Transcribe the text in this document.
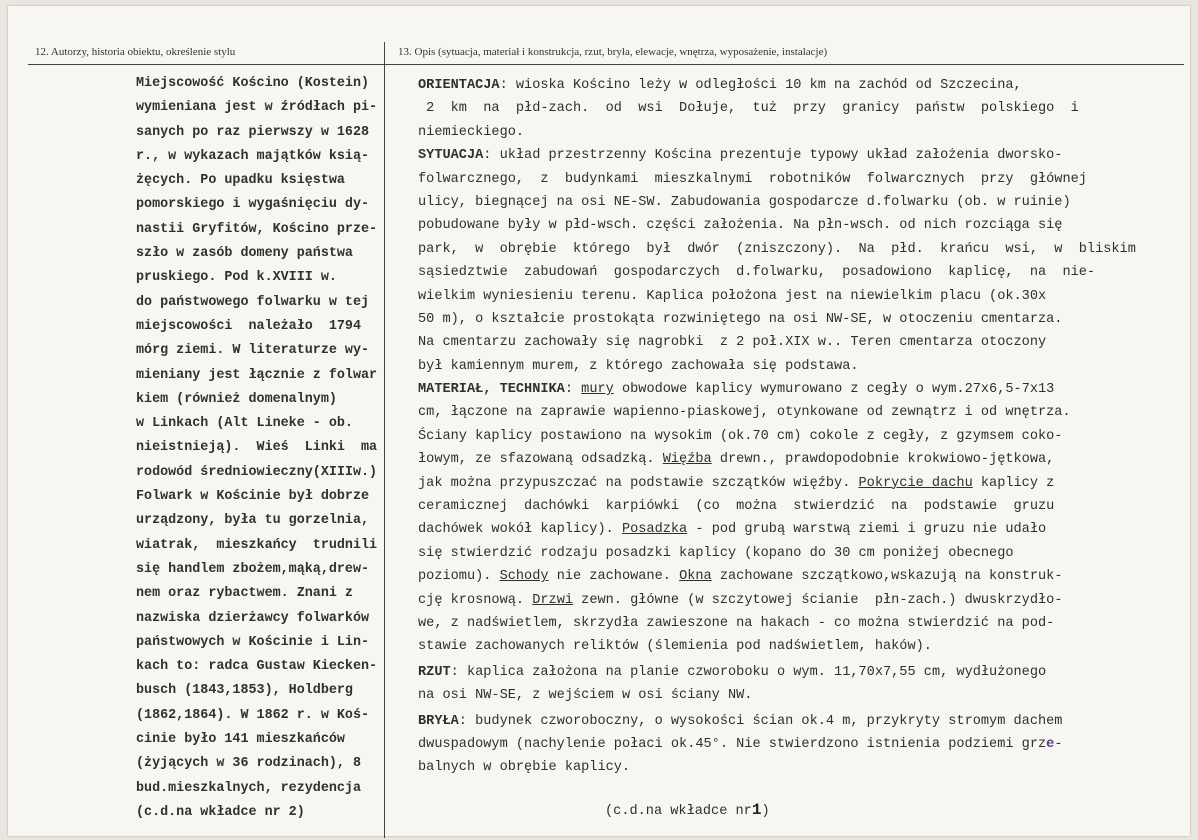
12. Autorzy, historia obiektu, określenie stylu	13. Opis (sytuacja, materiał i konstrukcja, rzut, bryła, elewacje, wnętrza, wyposażenie, instalacje)
Miejscowość Kościno (Kostein)
wymieniana jest w źródłach pi-
sanych po raz pierwszy w 1628
r., w wykazach majątków ksią-
żęcych. Po upadku księstwa
pomorskiego i wygaśnięciu dy-
nastii Gryfitów, Kościno prze-
szło w zasób domeny państwa
pruskiego. Pod k.XVIII w.
do państwowego folwarku w tej
miejscowości  należało  1794
mórg ziemi. W literaturze wy-
mieniany jest łącznie z folwar
kiem (również domenalnym)
w Linkach (Alt Lineke - ob.
nieistnieją).  Wieś  Linki  ma
rodowód średniowieczny(XIIIw.)
Folwark w Kościnie był dobrze
urządzony, była tu gorzelnia,
wiatrak,  mieszkańcy  trudnili
się handlem zbożem,mąką,drew-
nem oraz rybactwem. Znani z
nazwiska dzierżawcy folwarków
państwowych w Kościnie i Lin-
kach to: radca Gustaw Kiecken-
busch (1843,1853), Holdberg
(1862,1864). W 1862 r. w Koś-
cinie było 141 mieszkańców
(żyjących w 36 rodzinach), 8
bud.mieszkalnych, rezydencja
(c.d.na wkładce nr 2)
ORIENTACJA: wioska Kościno leży w odległości 10 km na zachód od Szczecina,
2  km  na  płd-zach.  od  wsi  Dołuje,  tuż  przy  granicy  państw  polskiego  i
niemieckiego.
SYTUACJA: układ przestrzenny Kościna prezentuje typowy układ założenia dworsko-
folwarcznego,  z  budynkami  mieszkalnymi  robotników  folwarcznych  przy  głównej
ulicy, biegnącej na osi NE-SW. Zabudowania gospodarcze d.folwarku (ob. w ruinie)
pobudowane były w płd-wsch. części założenia. Na płn-wsch. od nich rozciąga się
park,  w  obrębie  którego  był  dwór  (zniszczony).  Na  płd.  krańcu  wsi,  w  bliskim
sąsiedztwie  zabudowań  gospodarczych  d.folwarku,  posadowiono  kaplicę,  na  nie-
wielkim wyniesieniu terenu. Kaplica położona jest na niewielkim placu (ok.30x
50 m), o kształcie prostokąta rozwiniętego na osi NW-SE, w otoczeniu cmentarza.
Na cmentarzu zachowały się nagrobki  z 2 poł.XIX w.. Teren cmentarza otoczony
był kamiennym murem, z którego zachowała się podstawa.
MATERIAŁ, TECHNIKA: mury obwodowe kaplicy wymurowano z cegły o wym.27x6,5-7x13
cm, łączone na zaprawie wapienno-piaskowej, otynkowane od zewnątrz i od wnętrza.
Ściany kaplicy postawiono na wysokim (ok.70 cm) cokole z cegły, z gzymsem coko-
łowym, ze sfazowaną odsadzką. Więźba drewn., prawdopodobnie krokwiowo-jętkowa,
jak można przypuszczać na podstawie szczątków więźby. Pokrycie dachu kaplicy z
ceramicznej  dachówki  karpiówki  (co  można  stwierdzić  na  podstawie  gruzu
dachówek wokół kaplicy). Posadzka - pod grubą warstwą ziemi i gruzu nie udało
się stwierdzić rodzaju posadzki kaplicy (kopano do 30 cm poniżej obecnego
poziomu). Schody nie zachowane. Okna zachowane szczątkowo,wskazują na konstruk-
cję krosnową. Drzwi zewn. główne (w szczytowej ścianie  płn-zach.) dwuskrzydło-
we, z nadświetlem, skrzydła zawieszone na hakach - co można stwierdzić na pod-
stawie zachowanych reliktów (ślemienia pod nadświetlem, haków).
RZUT: kaplica założona na planie czworoboku o wym. 11,70x7,55 cm, wydłużonego
na osi NW-SE, z wejściem w osi ściany NW.
BRYŁA: budynek czworoboczny, o wysokości ścian ok.4 m, przykryty stromym dachem
dwuspadowym (nachylenie połaci ok.45°. Nie stwierdzono istnienia podziemi grze-
balnych w obrębie kaplicy.
(c.d.na wkładce nr1)
